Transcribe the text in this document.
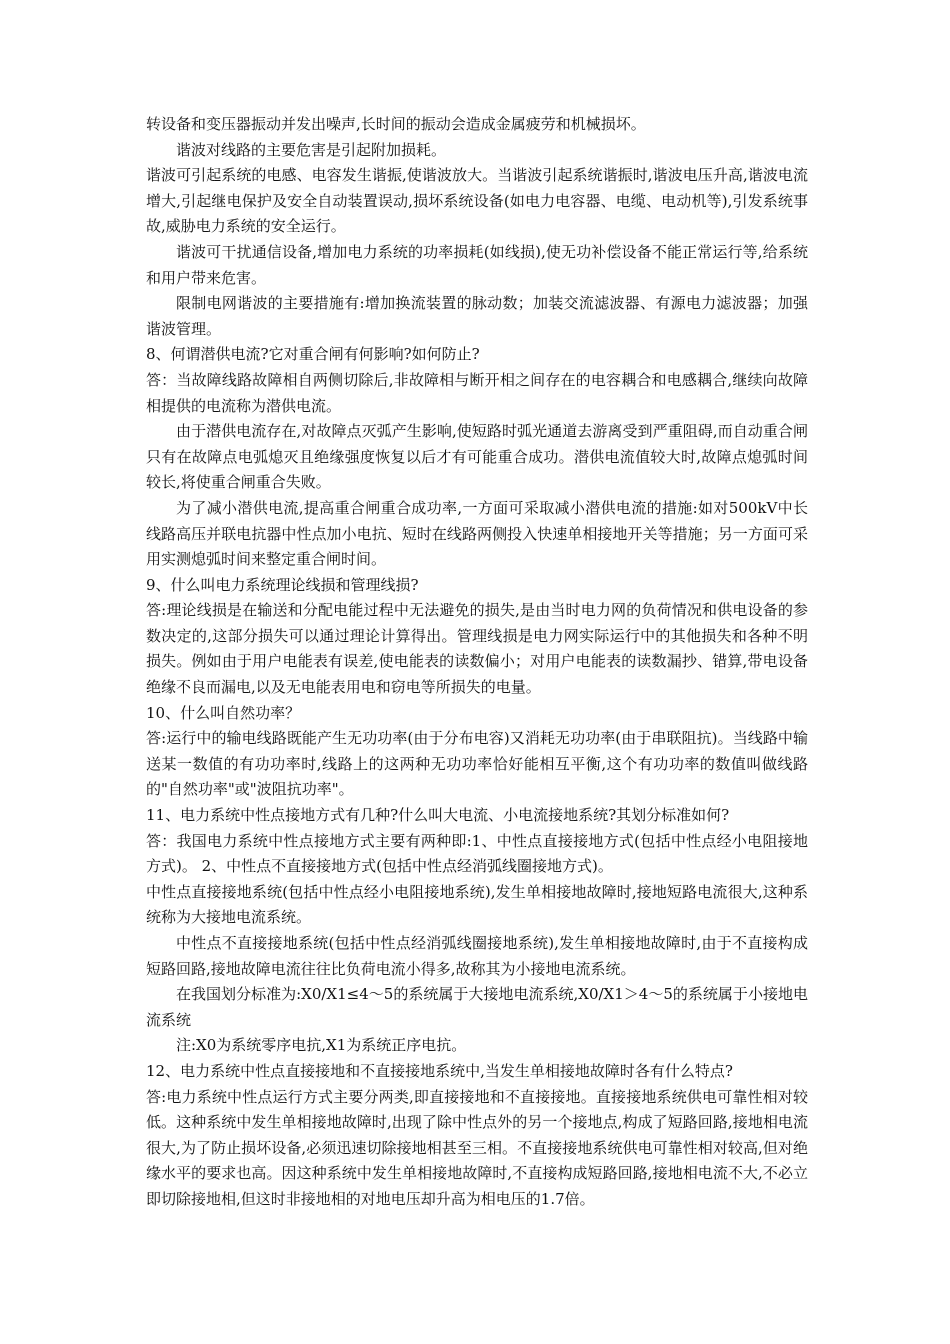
转设备和变压器振动并发出噪声,长时间的振动会造成金属疲劳和机械损坏。

谐波对线路的主要危害是引起附加损耗。

谐波可引起系统的电感、电容发生谐振,使谐波放大。当谐波引起系统谐振时,谐波电压升高,谐波电流增大,引起继电保护及安全自动装置误动,损坏系统设备(如电力电容器、电缆、电动机等),引发系统事故,威胁电力系统的安全运行。

谐波可干扰通信设备,增加电力系统的功率损耗(如线损),使无功补偿设备不能正常运行等,给系统和用户带来危害。

限制电网谐波的主要措施有:增加换流装置的脉动数；加装交流滤波器、有源电力滤波器；加强谐波管理。

8、何谓潜供电流?它对重合闸有何影响?如何防止?

答：当故障线路故障相自两侧切除后,非故障相与断开相之间存在的电容耦合和电感耦合,继续向故障相提供的电流称为潜供电流。

由于潜供电流存在,对故障点灭弧产生影响,使短路时弧光通道去游离受到严重阻碍,而自动重合闸只有在故障点电弧熄灭且绝缘强度恢复以后才有可能重合成功。潜供电流值较大时,故障点熄弧时间较长,将使重合闸重合失败。

为了减小潜供电流,提高重合闸重合成功率,一方面可采取减小潜供电流的措施:如对500kV中长线路高压并联电抗器中性点加小电抗、短时在线路两侧投入快速单相接地开关等措施；另一方面可采用实测熄弧时间来整定重合闸时间。

9、什么叫电力系统理论线损和管理线损?

答:理论线损是在输送和分配电能过程中无法避免的损失,是由当时电力网的负荷情况和供电设备的参数决定的,这部分损失可以通过理论计算得出。管理线损是电力网实际运行中的其他损失和各种不明损失。例如由于用户电能表有误差,使电能表的读数偏小；对用户电能表的读数漏抄、错算,带电设备绝缘不良而漏电,以及无电能表用电和窃电等所损失的电量。

10、什么叫自然功率？

答:运行中的输电线路既能产生无功功率(由于分布电容)又消耗无功功率(由于串联阻抗)。当线路中输送某一数值的有功功率时,线路上的这两种无功功率恰好能相互平衡,这个有功功率的数值叫做线路的"自然功率"或"波阻抗功率"。

11、电力系统中性点接地方式有几种?什么叫大电流、小电流接地系统?其划分标准如何?

答：我国电力系统中性点接地方式主要有两种即:1、中性点直接接地方式(包括中性点经小电阻接地方式)。 2、中性点不直接接地方式(包括中性点经消弧线圈接地方式)。

中性点直接接地系统(包括中性点经小电阻接地系统),发生单相接地故障时,接地短路电流很大,这种系统称为大接地电流系统。

中性点不直接接地系统(包括中性点经消弧线圈接地系统),发生单相接地故障时,由于不直接构成短路回路,接地故障电流往往比负荷电流小得多,故称其为小接地电流系统。

在我国划分标准为:X0/X1≤4～5的系统属于大接地电流系统,X0/X1＞4～5的系统属于小接地电流系统

注:X0为系统零序电抗,X1为系统正序电抗。

12、电力系统中性点直接接地和不直接接地系统中,当发生单相接地故障时各有什么特点?

答:电力系统中性点运行方式主要分两类,即直接接地和不直接接地。直接接地系统供电可靠性相对较低。这种系统中发生单相接地故障时,出现了除中性点外的另一个接地点,构成了短路回路,接地相电流很大,为了防止损坏设备,必须迅速切除接地相甚至三相。不直接接地系统供电可靠性相对较高,但对绝缘水平的要求也高。因这种系统中发生单相接地故障时,不直接构成短路回路,接地相电流不大,不必立即切除接地相,但这时非接地相的对地电压却升高为相电压的1.7倍。
